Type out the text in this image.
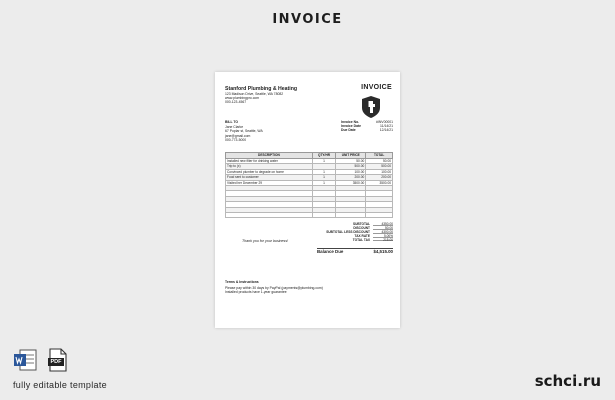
INVOICE
Stanford Plumbing & Heating
123 Madison Drive, Seattle, WA 78082
www.plumbingpro.com
000-123-4567
INVOICE
BILL TO
Jane Clarke
67 Poplar st, Seattle, WA
jane@gmail.com
000-773-5000
Invoice No.	#INV00001
Invoice Date	11/14/21
Due Date	12/14/21
DESCRIPTION	QTY/HR	UNIT PRICE	TOTAL
Installed new filter for drinking water	1	50.00	50.00
Trip to (x)		500.00	500.00
Convinced plumber to degrade on home	1	100.00	100.00
Food sent to customer	1	200.00	200.00
Visited her December 29	1	3500.00	3500.00

SUBTOTAL	4350.00
DISCOUNT	50.00
SUBTOTAL LESS DISCOUNT	4300.00
TAX RATE	5.00%
TOTAL TAX	215.00
Thank you for your business!
Balance Due	$4,515.00
Terms & Instructions
Please pay within 30 days by PayPal (payments@plumbing.com)
Installed products have 1-year guarantee
PDF
fully editable template	schci.ru
